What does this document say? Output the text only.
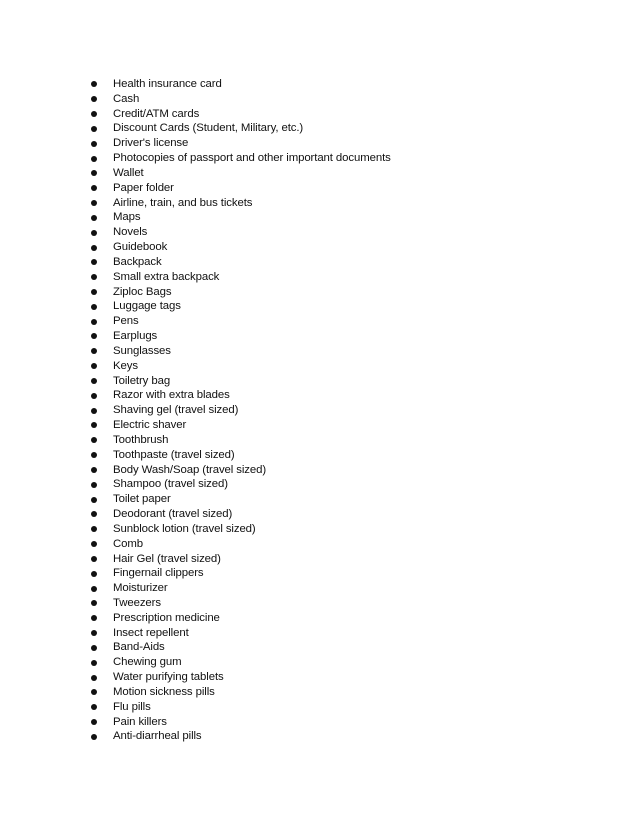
Health insurance card
Cash
Credit/ATM cards
Discount Cards (Student, Military, etc.)
Driver's license
Photocopies of passport and other important documents
Wallet
Paper folder
Airline, train, and bus tickets
Maps
Novels
Guidebook
Backpack
Small extra backpack
Ziploc Bags
Luggage tags
Pens
Earplugs
Sunglasses
Keys
Toiletry bag
Razor with extra blades
Shaving gel (travel sized)
Electric shaver
Toothbrush
Toothpaste (travel sized)
Body Wash/Soap (travel sized)
Shampoo (travel sized)
Toilet paper
Deodorant (travel sized)
Sunblock lotion (travel sized)
Comb
Hair Gel (travel sized)
Fingernail clippers
Moisturizer
Tweezers
Prescription medicine
Insect repellent
Band-Aids
Chewing gum
Water purifying tablets
Motion sickness pills
Flu pills
Pain killers
Anti-diarrheal pills
